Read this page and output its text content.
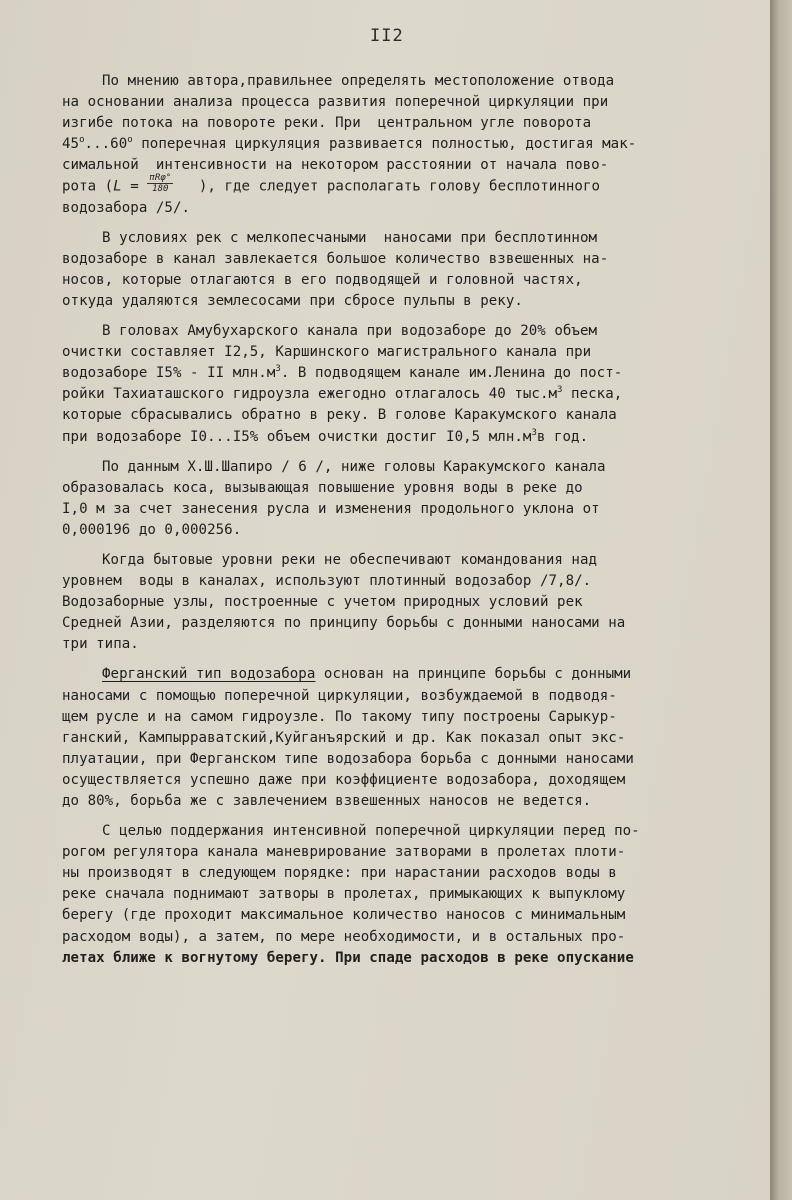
II2
По мнению автора,правильнее определять местоположение отвода
на основании анализа процесса развития поперечной циркуляции при
изгибе потока на повороте реки. При  центральном угле поворота
45$^o$...60$^o$ поперечная циркуляция развивается полностью, достигая мак-
симальной  интенсивности на некотором расстоянии от начала пово-
рота ($L = \frac{\text{πRφ°}}{180}$ ), где следует располагать голову бесплотинного
водозабора /5/.
В условиях рек с мелкопесчаными  наносами при бесплотинном
водозаборе в канал завлекается большое количество взвешенных на-
носов, которые отлагаются в его подводящей и головной частях,
откуда удаляются землесосами при сбросе пульпы в реку.
В головах Амубухарского канала при водозаборе до 20% объем
очистки составляет I2,5, Каршинского магистрального канала при
водозаборе I5% - II $млн.м^3$. В подводящем канале им.Ленина до пост-
ройки Тахиаташского гидроузла ежегодно отлагалось 40 $тыс.м^3$ песка,
которые сбрасывались обратно в реку. В голове Каракумского канала
при водозаборе I0...I5% объем очистки достиг I0,5 $млн.м^3в$ год.
По данным Х.Ш.Шапиро / 6 /, ниже головы Каракумского канала
образовалась коса, вызывающая повышение уровня воды в реке до
I,0 м за счет занесения русла и изменения продольного уклона от
0,000196 до 0,000256.
Когда бытовые уровни реки не обеспечивают командования над
уровнем  воды в каналах, используют плотинный водозабор /7,8/.
Водозаборные узлы, построенные с учетом природных условий рек
Средней Азии, разделяются по принципу борьбы с донными наносами на
три типа.
Ферганский тип водозабора основан на принципе борьбы с донными
наносами с помощью поперечной циркуляции, возбуждаемой в подводя-
щем русле и на самом гидроузле. По такому типу построены Сарыкур-
ганский, Кампырраватский,Куйганъярский и др. Как показал опыт экс-
плуатации, при Ферганском типе водозабора борьба с донными наносами
осуществляется успешно даже при коэффициенте водозабора, доходящем
до 80%, борьба же с завлечением взвешенных наносов не ведется.
С целью поддержания интенсивной поперечной циркуляции перед по-
рогом регулятора канала маневрирование затворами в пролетах плоти-
ны производят в следующем порядке: при нарастании расходов воды в
реке сначала поднимают затворы в пролетах, примыкающих к выпуклому
берегу (где проходит максимальное количество наносов с минимальным
расходом воды), а затем, по мере необходимости, и в остальных про-
летах ближе к вогнутому берегу. При спаде расходов в реке опускание
